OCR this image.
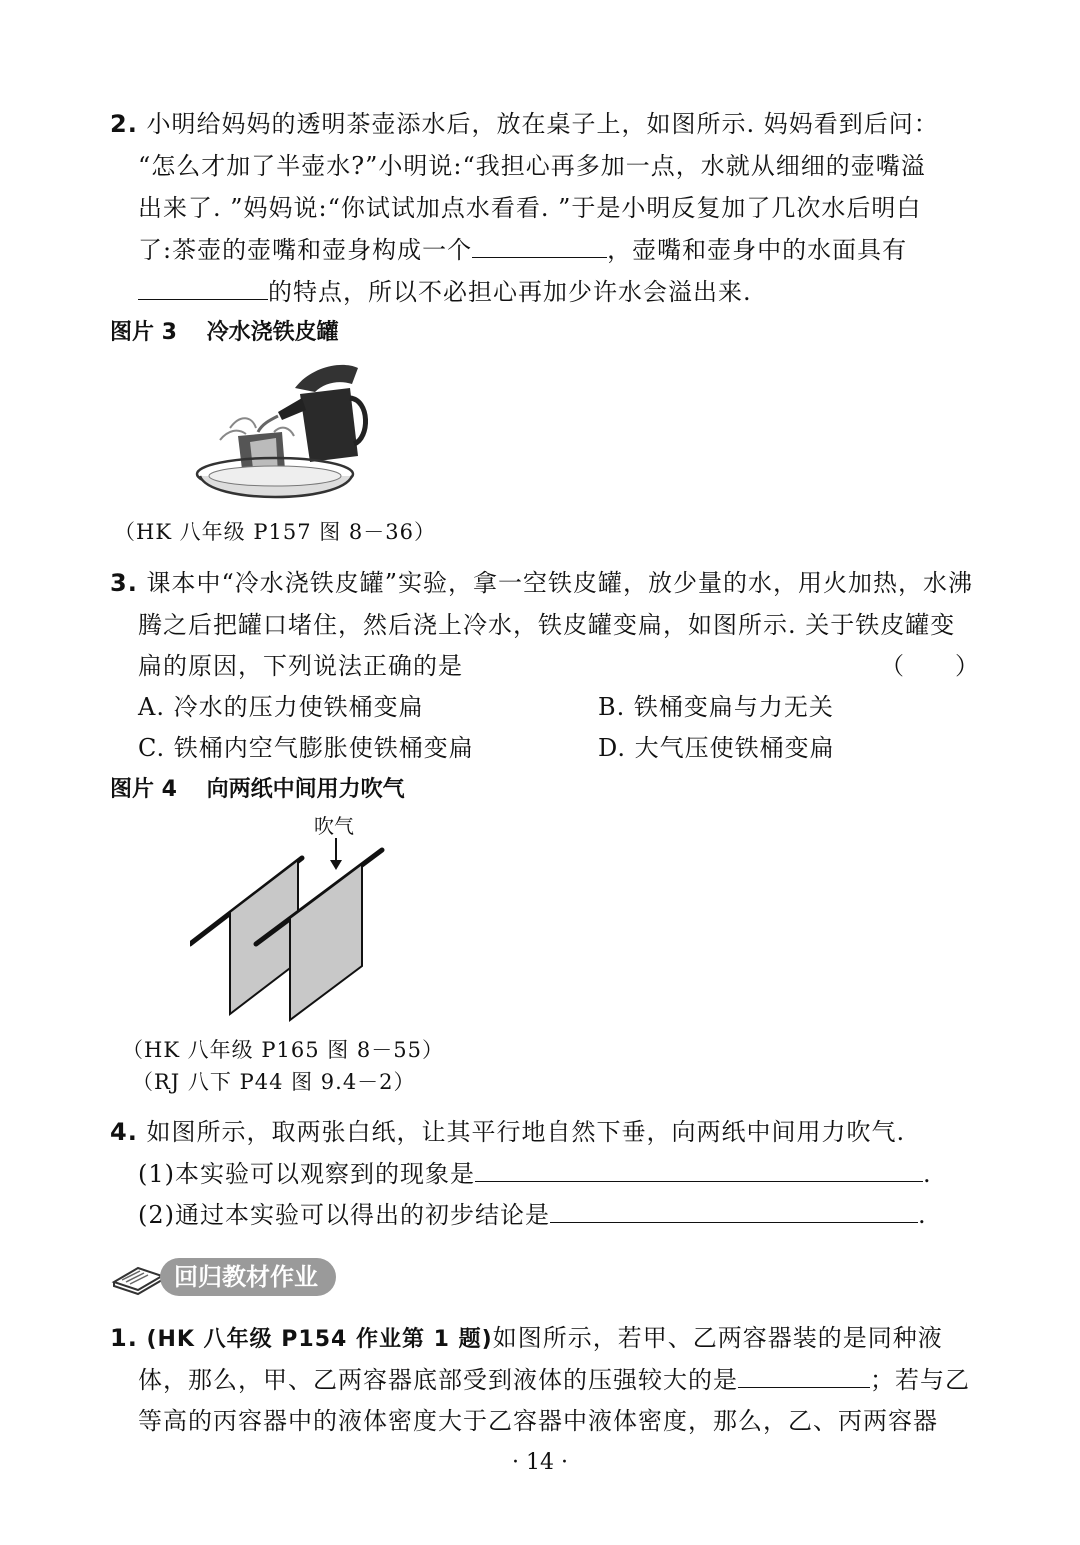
2. 小明给妈妈的透明茶壶添水后，放在桌子上，如图所示. 妈妈看到后问：
“怎么才加了半壶水?”小明说:“我担心再多加一点，水就从细细的壶嘴溢
出来了. ”妈妈说:“你试试加点水看看. ”于是小明反复加了几次水后明白
了:茶壶的壶嘴和壶身构成一个	，壶嘴和壶身中的水面具有
的特点，所以不必担心再加少许水会溢出来.
图片 3 冷水浇铁皮罐
（HK 八年级 P157 图 8－36）
3. 课本中“冷水浇铁皮罐”实验，拿一空铁皮罐，放少量的水，用火加热，水沸
腾之后把罐口堵住，然后浇上冷水，铁皮罐变扁，如图所示. 关于铁皮罐变
扁的原因，下列说法正确的是	（　　）
A. 冷水的压力使铁桶变扁	B. 铁桶变扁与力无关
C. 铁桶内空气膨胀使铁桶变扁	D. 大气压使铁桶变扁
图片 4 向两纸中间用力吹气
吹气
（HK 八年级 P165 图 8－55）
（RJ 八下 P44 图 9.4－2）
4. 如图所示，取两张白纸，让其平行地自然下垂，向两纸中间用力吹气.
(1)本实验可以观察到的现象是	.
(2)通过本实验可以得出的初步结论是	.
回归教材作业
1. (HK 八年级 P154 作业第 1 题)如图所示，若甲、乙两容器装的是同种液
体，那么，甲、乙两容器底部受到液体的压强较大的是	；若与乙
等高的丙容器中的液体密度大于乙容器中液体密度，那么，乙、丙两容器
· 14 ·
